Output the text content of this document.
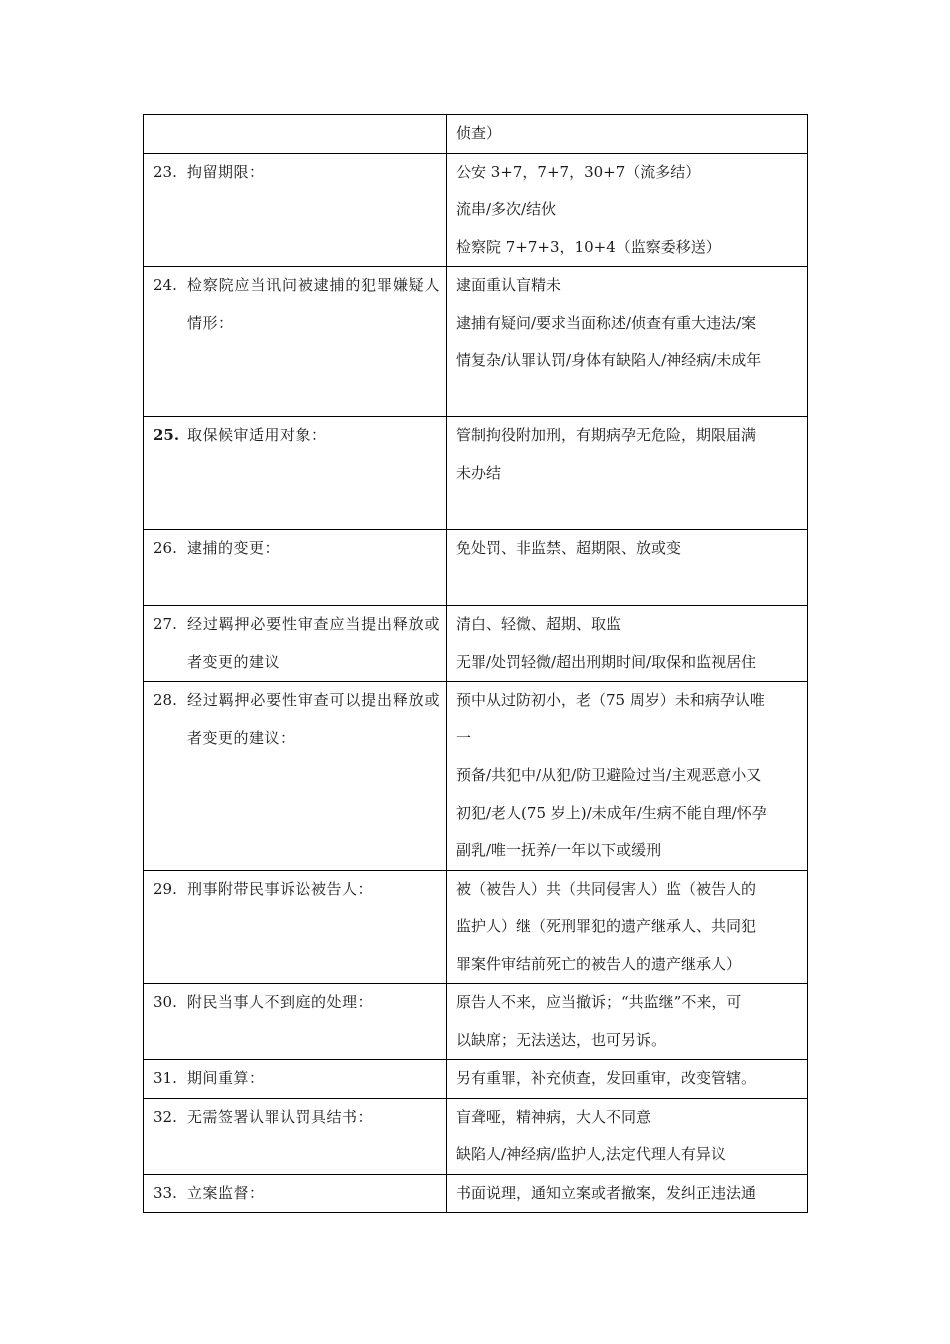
	侦查）

23. 拘留期限：	公安 3+7，7+7，30+7（流多结）
流串/多次/结伙
检察院 7+7+3，10+4（监察委移送）

24. 检察院应当讯问被逮捕的犯罪嫌疑人情形：	逮面重认盲精未
逮捕有疑问/要求当面称述/侦查有重大违法/案
情复杂/认罪认罚/身体有缺陷人/神经病/未成年

25. 取保候审适用对象：	管制拘役附加刑，有期病孕无危险，期限届满
未办结

26. 逮捕的变更：	免处罚、非监禁、超期限、放或变

27. 经过羁押必要性审查应当提出释放或者变更的建议	清白、轻微、超期、取监
无罪/处罚轻微/超出刑期时间/取保和监视居住

28. 经过羁押必要性审查可以提出释放或者变更的建议：	预中从过防初小，老（75 周岁）未和病孕认唯
一
预备/共犯中/从犯/防卫避险过当/主观恶意小又
初犯/老人(75 岁上)/未成年/生病不能自理/怀孕
副乳/唯一抚养/一年以下或缓刑

29. 刑事附带民事诉讼被告人：	被（被告人）共（共同侵害人）监（被告人的
监护人）继（死刑罪犯的遗产继承人、共同犯
罪案件审结前死亡的被告人的遗产继承人）

30. 附民当事人不到庭的处理：	原告人不来，应当撤诉；“共监继”不来，可
以缺席；无法送达，也可另诉。

31. 期间重算：	另有重罪，补充侦查，发回重审，改变管辖。

32. 无需签署认罪认罚具结书：	盲聋哑，精神病，大人不同意
缺陷人/神经病/监护人,法定代理人有异议

33. 立案监督：	书面说理，通知立案或者撤案，发纠正违法通
